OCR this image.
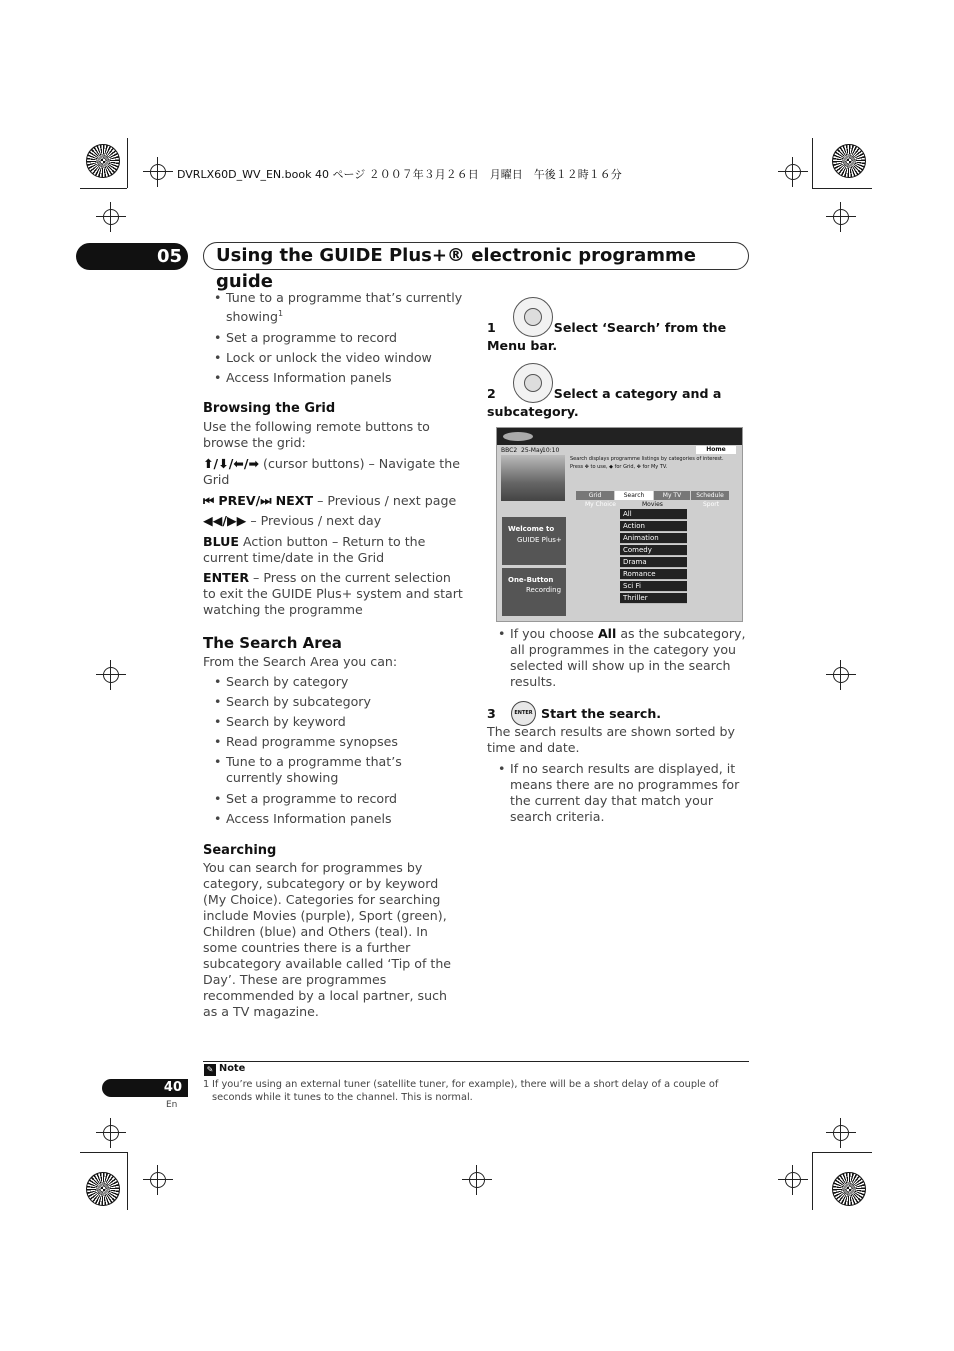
DVRLX60D_WV_EN.book 40 ページ ２００７年３月２６日　月曜日　午後１２時１６分
05	Using the GUIDE Plus+® electronic programme guide
• Tune to a programme that’s currently showing$^1$
• Set a programme to record
• Lock or unlock the video window
• Access Information panels
Browsing the Grid

Use the following remote buttons to browse the grid:

⬆/⬇/⬅/➡ (cursor buttons) – Navigate the Grid
⏮ PREV/⏭ NEXT – Previous / next page
◀◀/▶▶ – Previous / next day
BLUE Action button – Return to the current time/date in the Grid
ENTER – Press on the current selection to exit the GUIDE Plus+ system and start watching the programme
The Search Area

From the Search Area you can:

• Search by category
• Search by subcategory
• Search by keyword
• Read programme synopses
• Tune to a programme that’s currently showing
• Set a programme to record
• Access Information panels
Searching

You can search for programmes by category, subcategory or by keyword (My Choice). Categories for searching include Movies (purple), Sport (green), Children (blue) and Others (teal). In some countries there is a further subcategory available called ‘Tip of the Day’. These are programmes recommended by a local partner, such as a TV magazine.

1	Select ‘Search’ from the Menu bar.
2	Select a category and a subcategory.
BBC2 25-May
10:10	Home
Search displays programme listings by categories of interest.
Press ✥ to use, ◆ for Grid, ✥ for My TV.
Grid	Search	My TV	Schedule
My Choice	Movies	Sport
All
Action
Animation
Comedy
Drama
Romance
Sci Fi
Thriller
Welcome to
GUIDE Plus+
One-Button
Recording
• If you choose All as the subcategory, all programmes in the category you selected will show up in the search results.
3	ENTER Start the search.

The search results are shown sorted by time and date.

• If no search results are displayed, it means there are no programmes for the current day that match your search criteria.
✎ Note
1 If you’re using an external tuner (satellite tuner, for example), there will be a short delay of a couple of seconds while it tunes to the channel. This is normal.
40
En
